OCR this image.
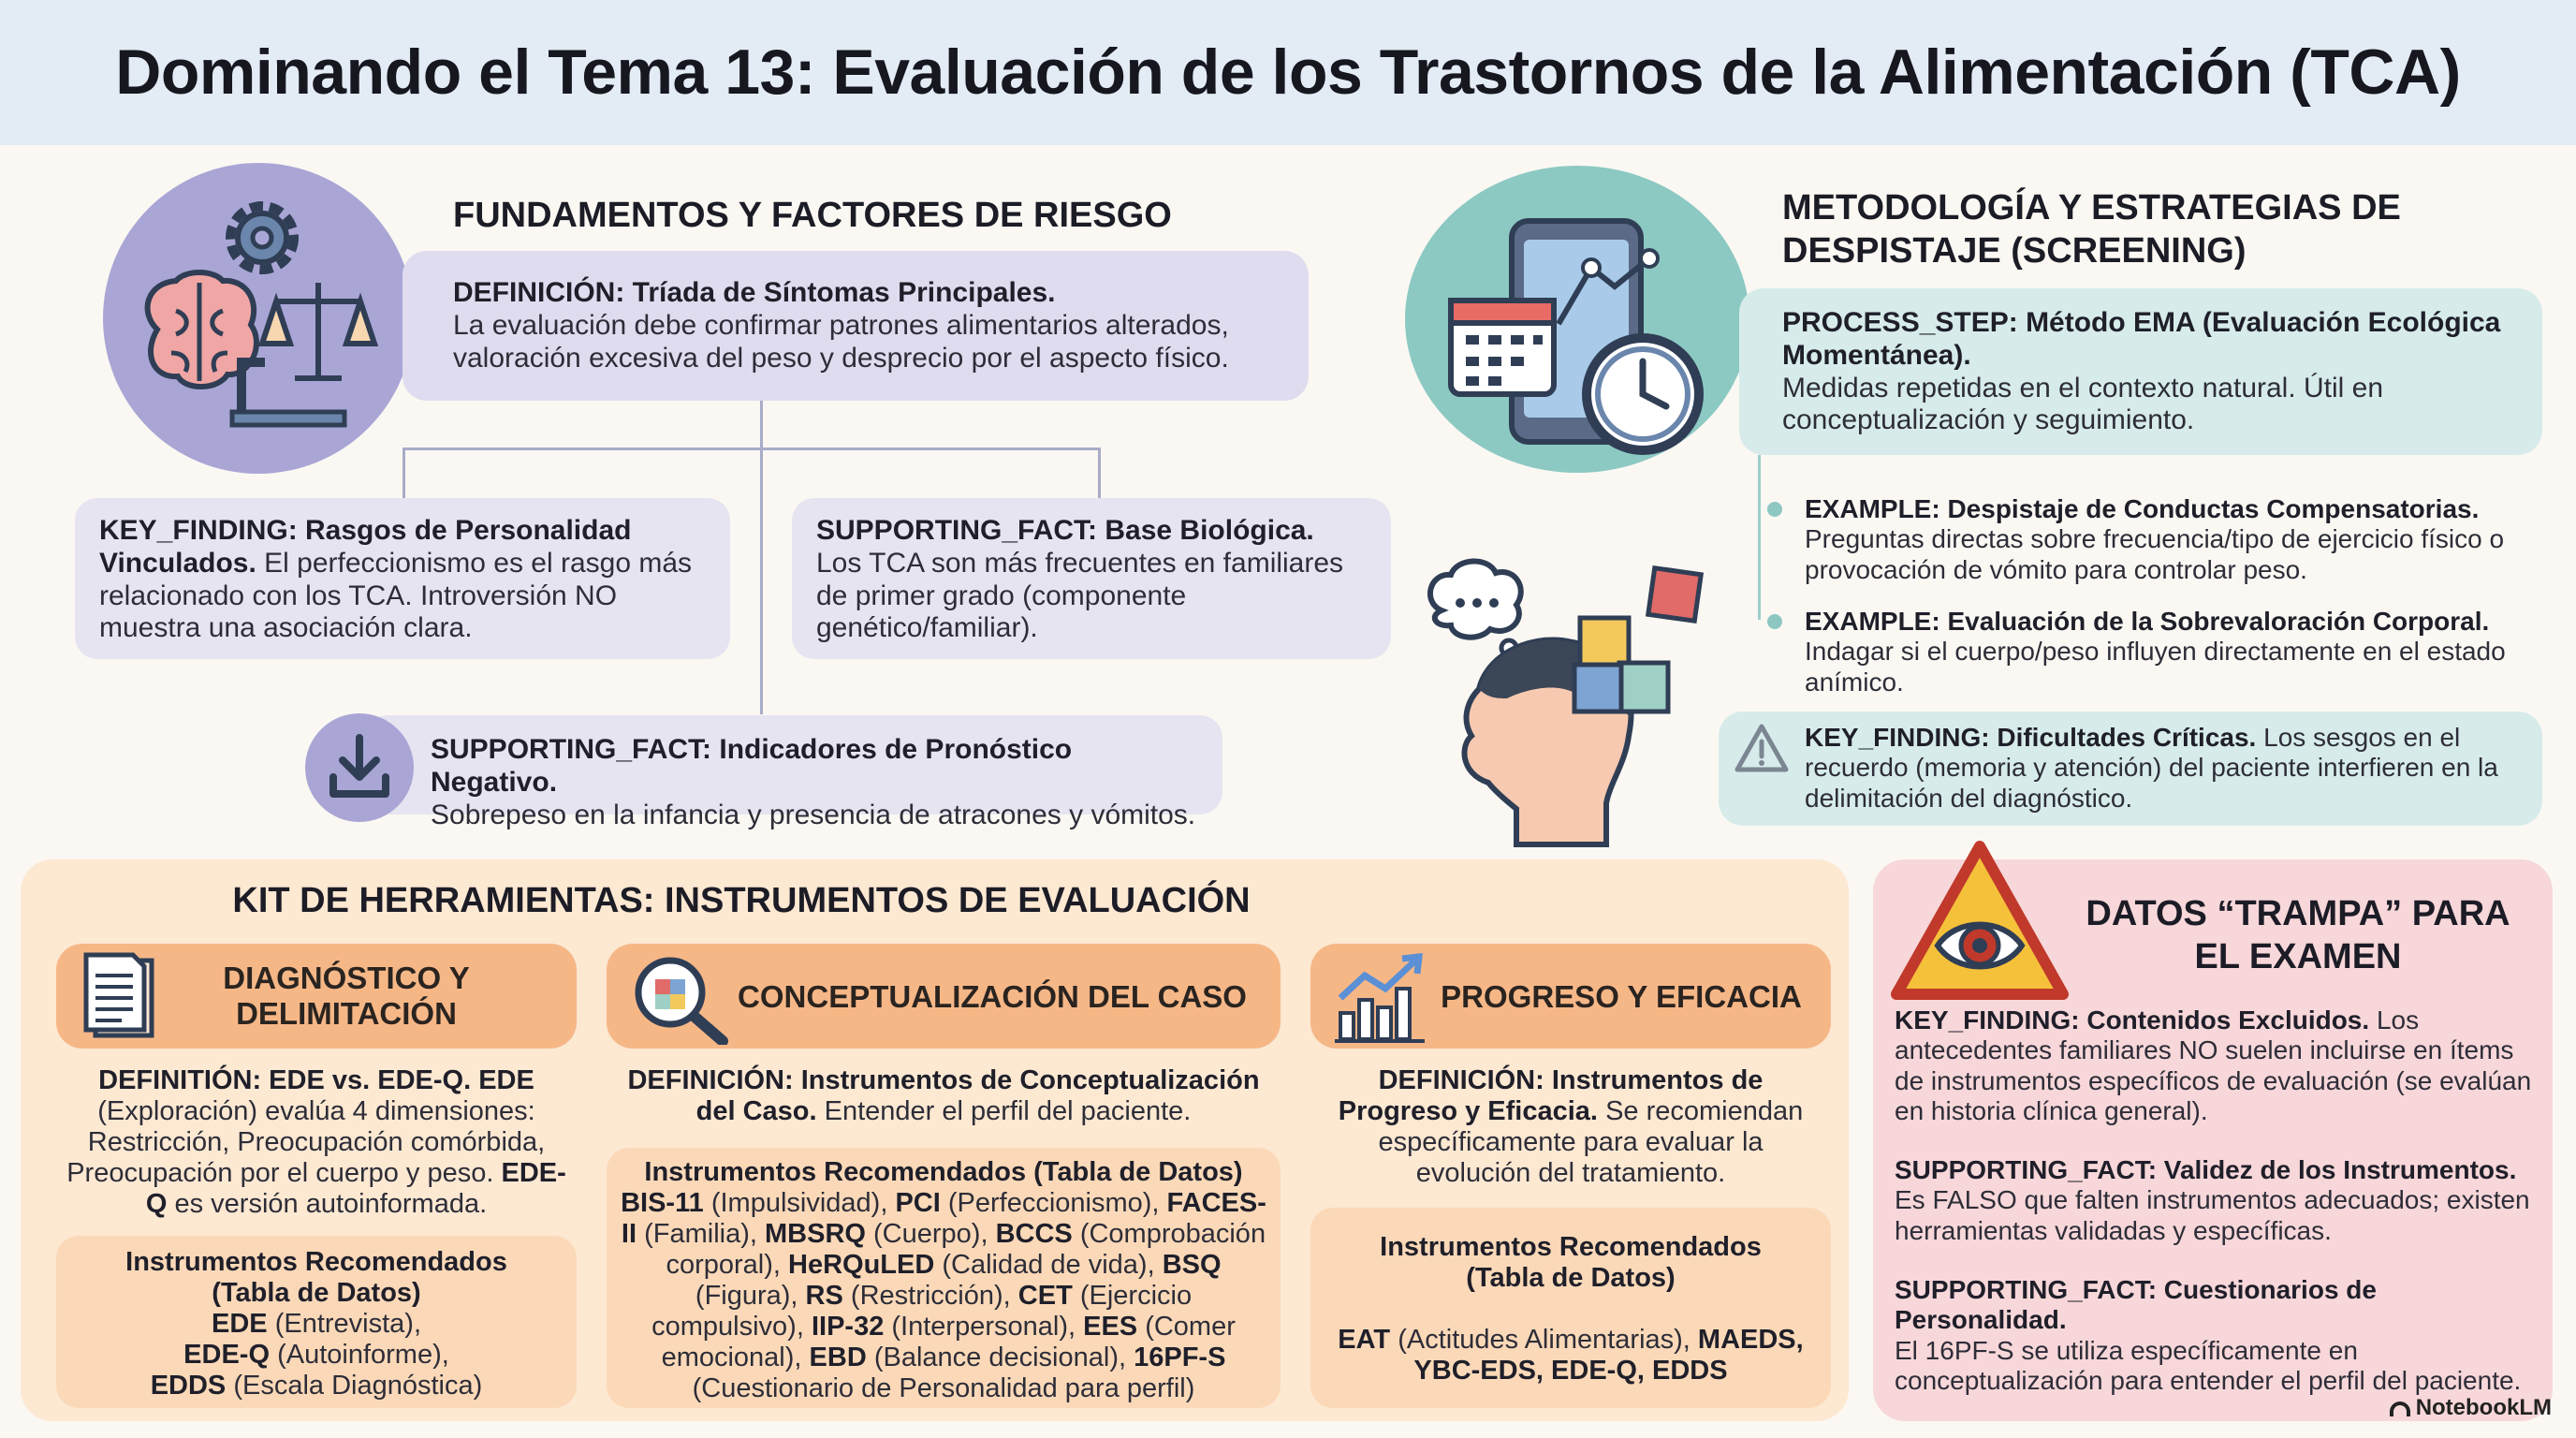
Dominando el Tema 13: Evaluación de los Trastornos de la Alimentación (TCA)
FUNDAMENTOS Y FACTORES DE RIESGO
DEFINICIÓN: Tríada de Síntomas Principales.
La evaluación debe confirmar patrones alimentarios alterados, valoración excesiva del peso y desprecio por el aspecto físico.
KEY_FINDING: Rasgos de Personalidad Vinculados. El perfeccionismo es el rasgo más relacionado con los TCA. Introversión NO muestra una asociación clara.
SUPPORTING_FACT: Base Biológica.
Los TCA son más frecuentes en familiares de primer grado (componente genético/familiar).
SUPPORTING_FACT: Indicadores de Pronóstico Negativo.
Sobrepeso en la infancia y presencia de atracones y vómitos.
METODOLOGÍA Y ESTRATEGIAS DE
DESPISTAJE (SCREENING)
PROCESS_STEP: Método EMA (Evaluación Ecológica Momentánea).
Medidas repetidas en el contexto natural. Útil en conceptualización y seguimiento.
EXAMPLE: Despistaje de Conductas Compensatorias.
Preguntas directas sobre frecuencia/tipo de ejercicio físico o provocación de vómito para controlar peso.
EXAMPLE: Evaluación de la Sobrevaloración Corporal.
Indagar si el cuerpo/peso influyen directamente en el estado anímico.
KEY_FINDING: Dificultades Críticas. Los sesgos en el recuerdo (memoria y atención) del paciente interfieren en la delimitación del diagnóstico.
KIT DE HERRAMIENTAS: INSTRUMENTOS DE EVALUACIÓN
DIAGNÓSTICO Y
DELIMITACIÓN
DEFINITIÓN: EDE vs. EDE-Q. EDE (Exploración) evalúa 4 dimensiones: Restricción, Preocupación comórbida, Preocupación por el cuerpo y peso. EDE-Q es versión autoinformada.
Instrumentos Recomendados
(Tabla de Datos)
EDE (Entrevista),
EDE-Q (Autoinforme),
EDDS (Escala Diagnóstica)
CONCEPTUALIZACIÓN DEL CASO
DEFINICIÓN: Instrumentos de Conceptualización del Caso. Entender el perfil del paciente.
Instrumentos Recomendados (Tabla de Datos)
BIS-11 (Impulsividad), PCI (Perfeccionismo), FACES-II (Familia), MBSRQ (Cuerpo), BCCS (Comprobación corporal), HeRQuLED (Calidad de vida), BSQ (Figura), RS (Restricción), CET (Ejercicio compulsivo), IIP-32 (Interpersonal), EES (Comer emocional), EBD (Balance decisional), 16PF-S (Cuestionario de Personalidad para perfil)
PROGRESO Y EFICACIA
DEFINICIÓN: Instrumentos de Progreso y Eficacia. Se recomiendan específicamente para evaluar la evolución del tratamiento.
Instrumentos Recomendados
(Tabla de Datos)

EAT (Actitudes Alimentarias), MAEDS,
YBC-EDS, EDE-Q, EDDS
DATOS “TRAMPA” PARA
EL EXAMEN
KEY_FINDING: Contenidos Excluidos. Los antecedentes familiares NO suelen incluirse en ítems de instrumentos específicos de evaluación (se evalúan en historia clínica general).
SUPPORTING_FACT: Validez de los Instrumentos.
Es FALSO que falten instrumentos adecuados; existen herramientas validadas y específicas.
SUPPORTING_FACT: Cuestionarios de Personalidad.
El 16PF-S se utiliza específicamente en conceptualización para entender el perfil del paciente.
NotebookLM
